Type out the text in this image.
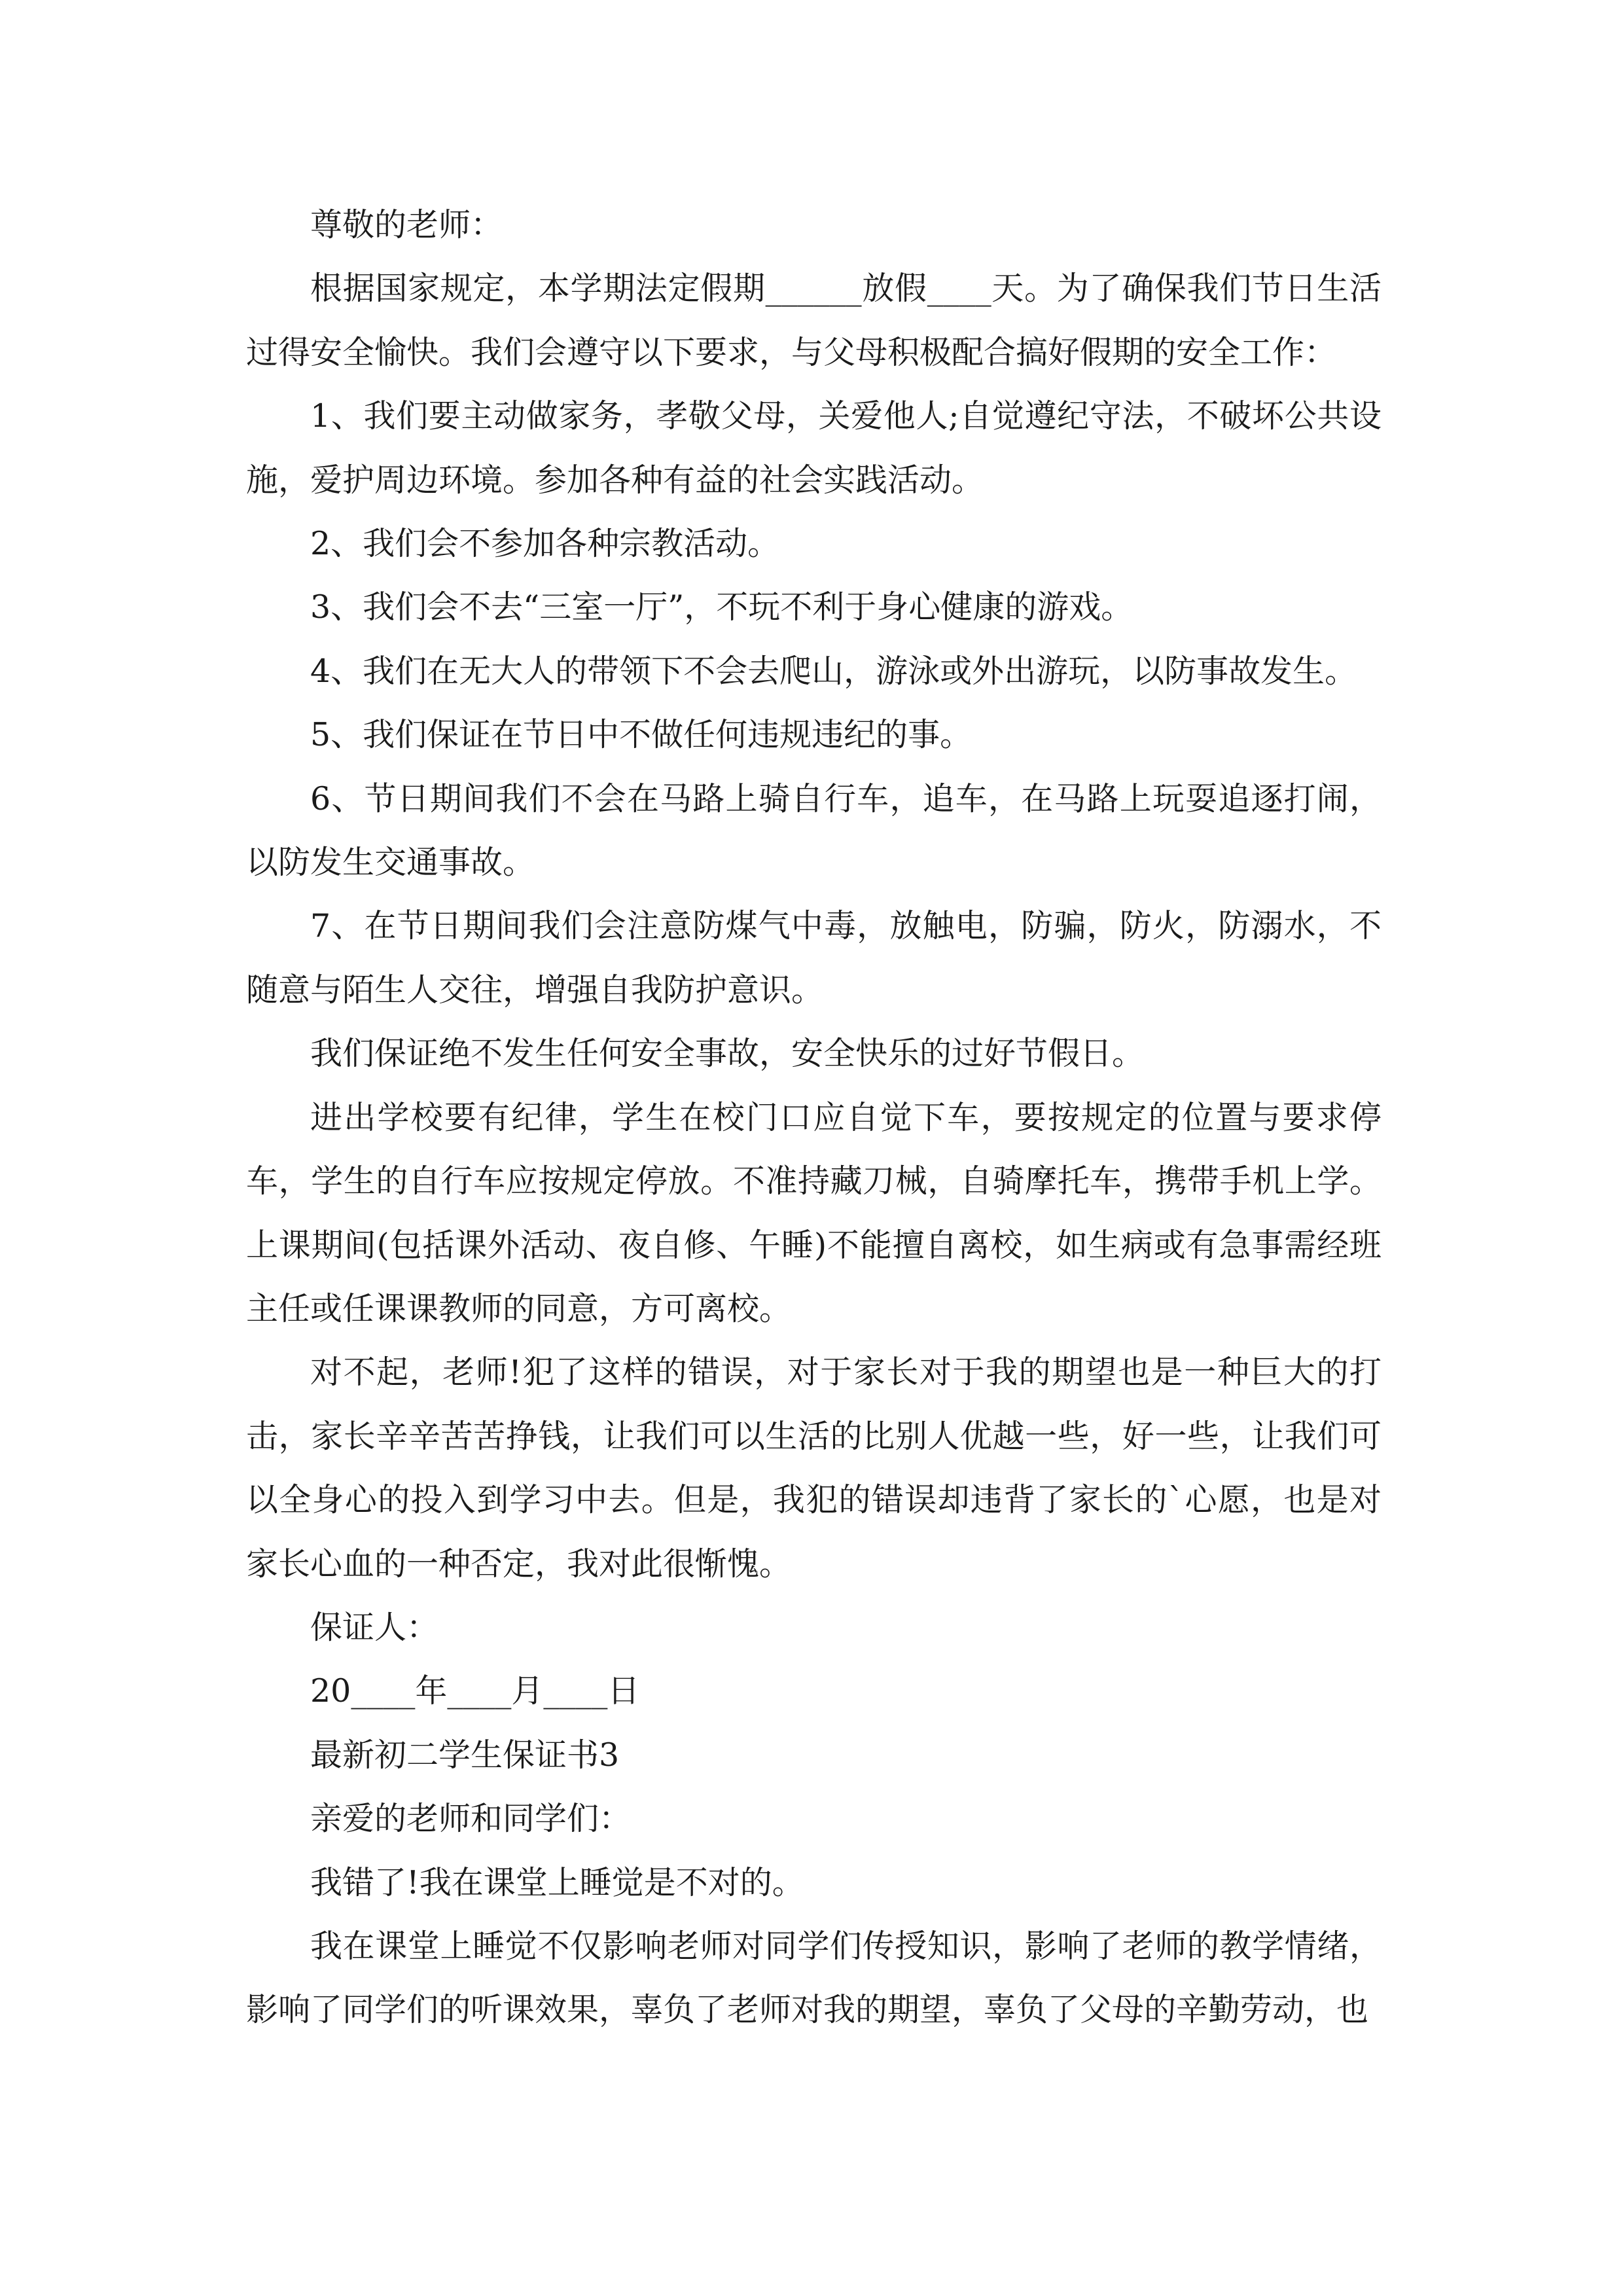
尊敬的老师：

根据国家规定，本学期法定假期______放假____天。为了确保我们节日生活过得安全愉快。我们会遵守以下要求，与父母积极配合搞好假期的安全工作：

1、我们要主动做家务，孝敬父母，关爱他人;自觉遵纪守法，不破坏公共设施，爱护周边环境。参加各种有益的社会实践活动。

2、我们会不参加各种宗教活动。

3、我们会不去“三室一厅”，不玩不利于身心健康的游戏。

4、我们在无大人的带领下不会去爬山，游泳或外出游玩，以防事故发生。

5、我们保证在节日中不做任何违规违纪的事。

6、节日期间我们不会在马路上骑自行车，追车，在马路上玩耍追逐打闹，以防发生交通事故。

7、在节日期间我们会注意防煤气中毒，放触电，防骗，防火，防溺水，不随意与陌生人交往，增强自我防护意识。

我们保证绝不发生任何安全事故，安全快乐的过好节假日。

进出学校要有纪律，学生在校门口应自觉下车，要按规定的位置与要求停车，学生的自行车应按规定停放。不准持藏刀械，自骑摩托车，携带手机上学。上课期间(包括课外活动、夜自修、午睡)不能擅自离校，如生病或有急事需经班主任或任课课教师的同意，方可离校。

对不起，老师!犯了这样的错误，对于家长对于我的期望也是一种巨大的打击，家长辛辛苦苦挣钱，让我们可以生活的比别人优越一些，好一些，让我们可以全身心的投入到学习中去。但是，我犯的错误却违背了家长的`心愿，也是对家长心血的一种否定，我对此很惭愧。

保证人：

20____年____月____日

最新初二学生保证书3

亲爱的老师和同学们：

我错了!我在课堂上睡觉是不对的。

我在课堂上睡觉不仅影响老师对同学们传授知识，影响了老师的教学情绪，影响了同学们的听课效果，辜负了老师对我的期望，辜负了父母的辛勤劳动，也
